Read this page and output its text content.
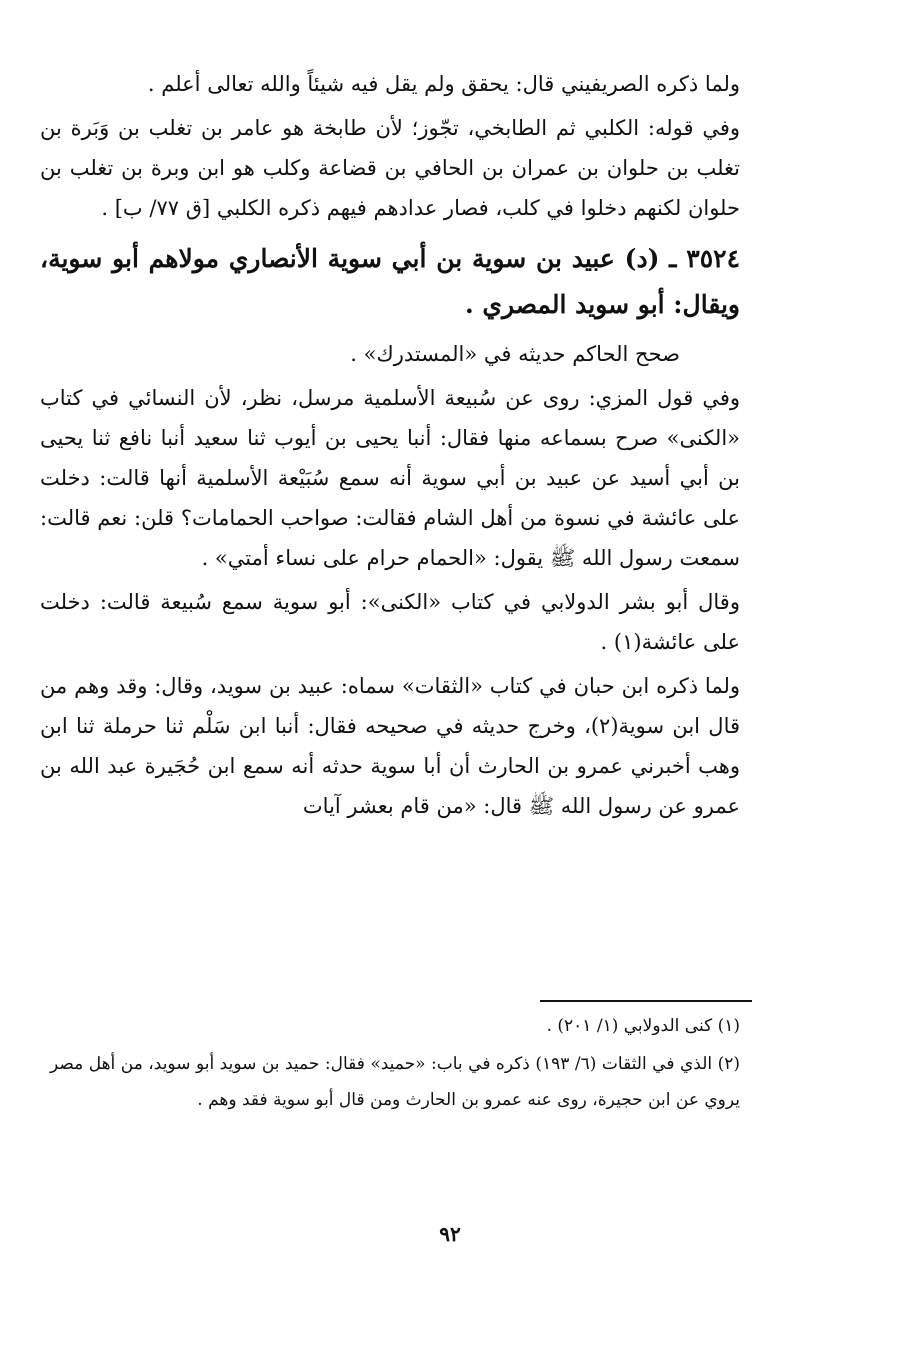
ولما ذكره الصريفيني قال: يحقق ولم يقل فيه شيئاً والله تعالى أعلم .

وفي قوله: الكلبي ثم الطابخي، تجّوز؛ لأن طابخة هو عامر بن تغلب بن وَبَرة بن تغلب بن حلوان بن عمران بن الحافي بن قضاعة وكلب هو ابن وبرة بن تغلب بن حلوان لكنهم دخلوا في كلب، فصار عدادهم فيهم ذكره الكلبي [ق ٧٧/ ب] .

٣٥٢٤ ـ (د) عبيد بن سوية بن أبي سوية الأنصاري مولاهم أبو سوية، ويقال: أبو سويد المصري .

صحح الحاكم حديثه في «المستدرك» .

وفي قول المزي: روى عن سُبيعة الأسلمية مرسل، نظر، لأن النسائي في كتاب «الكنى» صرح بسماعه منها فقال: أنبا يحيى بن أيوب ثنا سعيد أنبا نافع ثنا يحيى بن أبي أسيد عن عبيد بن أبي سوية أنه سمع سُبَيْعة الأسلمية أنها قالت: دخلت على عائشة في نسوة من أهل الشام فقالت: صواحب الحمامات؟ قلن: نعم قالت: سمعت رسول الله ﷺ يقول: «الحمام حرام على نساء أمتي» .

وقال أبو بشر الدولابي في كتاب «الكنى»: أبو سوية سمع سُبيعة قالت: دخلت على عائشة(١) .

ولما ذكره ابن حبان في كتاب «الثقات» سماه: عبيد بن سويد، وقال: وقد وهم من قال ابن سوية(٢)، وخرج حديثه في صحيحه فقال: أنبا ابن سَلْم ثنا حرملة ثنا ابن وهب أخبرني عمرو بن الحارث أن أبا سوية حدثه أنه سمع ابن حُجَيرة عبد الله بن عمرو عن رسول الله ﷺ قال: «من قام بعشر آيات

(١) كنى الدولابي (١/ ٢٠١) .

(٢) الذي في الثقات (٦/ ١٩٣) ذكره في باب: «حميد» فقال: حميد بن سويد أبو سويد، من أهل مصر يروي عن ابن حجيرة، روى عنه عمرو بن الحارث ومن قال أبو سوية فقد وهم .

٩٢
